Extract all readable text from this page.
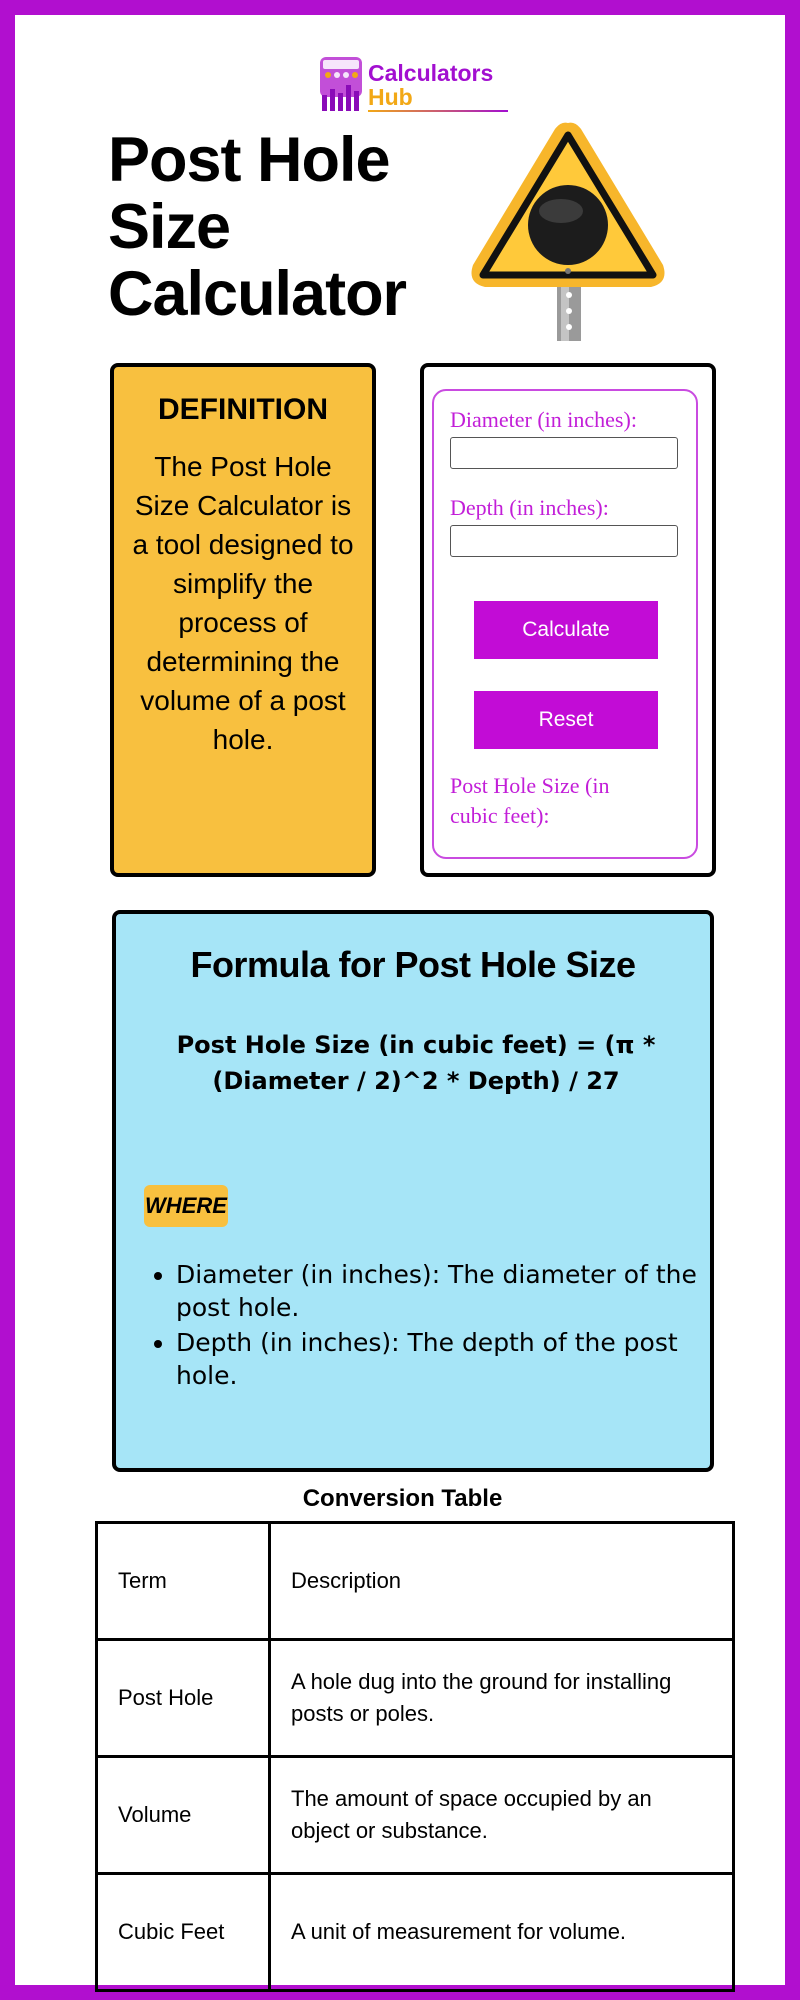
Calculators
Hub
Post Hole Size Calculator
DEFINITION
The Post Hole Size Calculator is a tool designed to simplify the process of determining the volume of a post hole.
Diameter (in inches):
Depth (in inches):
Calculate
Reset
Post Hole Size (in cubic feet):
Formula for Post Hole Size
Post Hole Size (in cubic feet) = (π * (Diameter / 2)^2 * Depth) / 27
WHERE
• Diameter (in inches): The diameter of the post hole.
• Depth (in inches): The depth of the post hole.
Conversion Table
Term	Description
Post Hole	A hole dug into the ground for installing posts or poles.
Volume	The amount of space occupied by an object or substance.
Cubic Feet	A unit of measurement for volume.
